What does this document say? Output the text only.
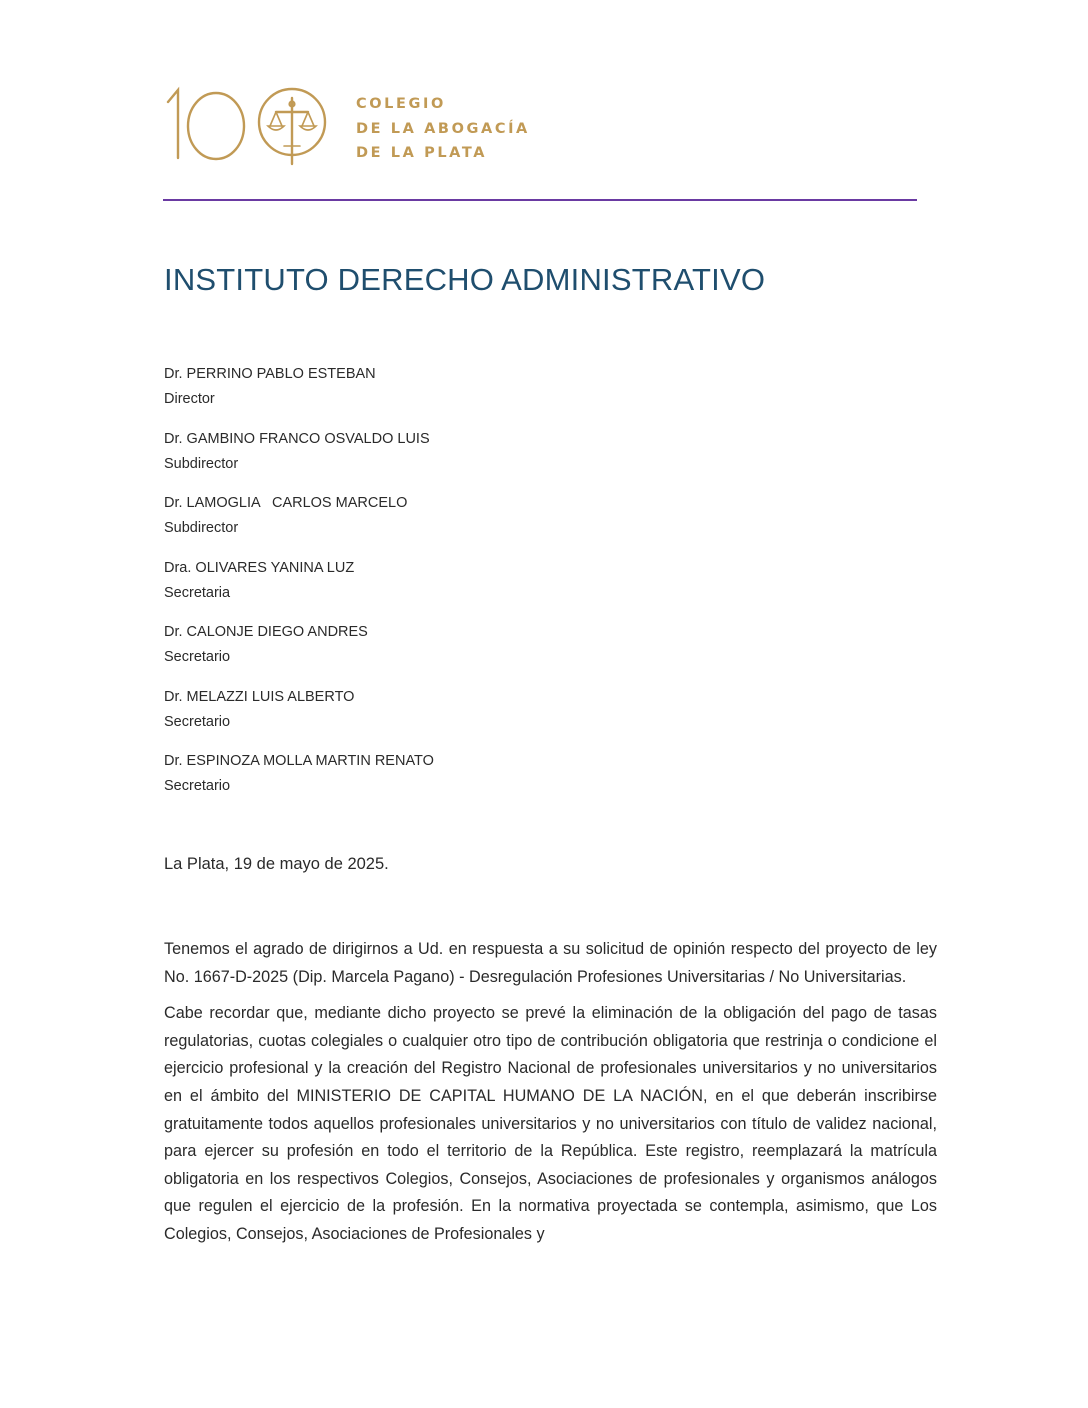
COLEGIO
DE LA ABOGACÍA
DE LA PLATA
INSTITUTO DERECHO ADMINISTRATIVO
Dr. PERRINO PABLO ESTEBAN
Director
Dr. GAMBINO FRANCO OSVALDO LUIS
Subdirector
Dr. LAMOGLIA   CARLOS MARCELO
Subdirector
Dra. OLIVARES YANINA LUZ
Secretaria
Dr. CALONJE DIEGO ANDRES
Secretario
Dr. MELAZZI LUIS ALBERTO
Secretario
Dr. ESPINOZA MOLLA MARTIN RENATO
Secretario
La Plata, 19 de mayo de 2025.

Tenemos el agrado de dirigirnos a Ud. en respuesta a su solicitud de opinión respecto del proyecto de ley No. 1667-D-2025 (Dip. Marcela Pagano) - Desregulación Profesiones Universitarias / No Universitarias.

Cabe recordar que, mediante dicho proyecto se prevé la eliminación de la obligación del pago de tasas regulatorias, cuotas colegiales o cualquier otro tipo de contribución obligatoria que restrinja o condicione el ejercicio profesional y la creación del Registro Nacional de profesionales universitarios y no universitarios en el ámbito del MINISTERIO DE CAPITAL HUMANO DE LA NACIÓN, en el que deberán inscribirse gratuitamente todos aquellos profesionales universitarios y no universitarios con título de validez nacional, para ejercer su profesión en todo el territorio de la República. Este registro, reemplazará la matrícula obligatoria en los respectivos Colegios, Consejos, Asociaciones de profesionales y organismos análogos que regulen el ejercicio de la profesión. En la normativa proyectada se contempla, asimismo, que Los Colegios, Consejos, Asociaciones de Profesionales y
